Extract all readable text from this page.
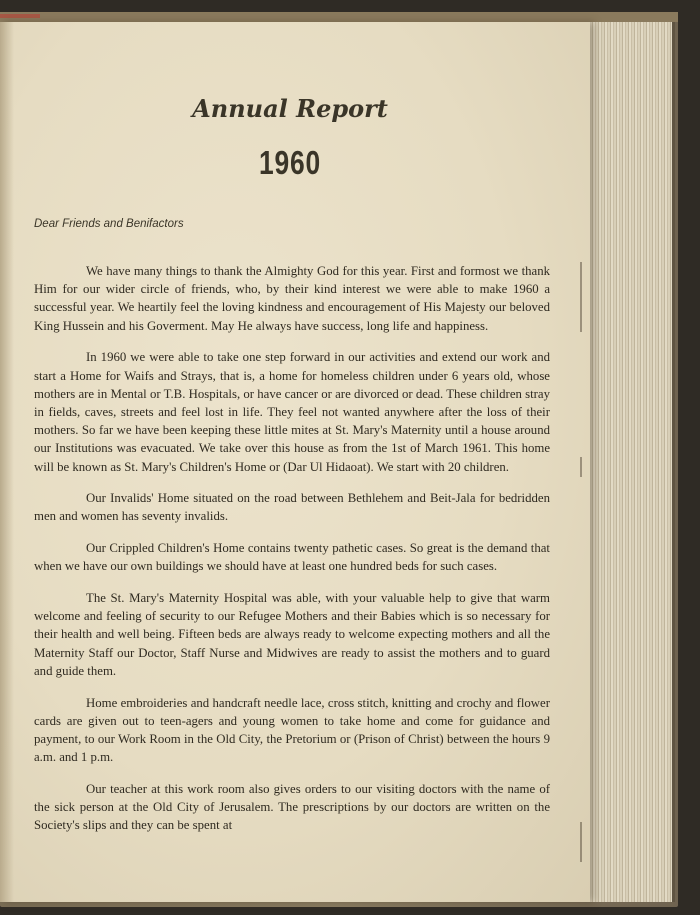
Annual Report
1960

Dear Friends and Benifactors

We have many things to thank the Almighty God for this year. First and formost we thank Him for our wider circle of friends, who, by their kind interest we were able to make 1960 a successful year. We heartily feel the loving kindness and encouragement of His Majesty our beloved King Hussein and his Goverment. May He always have success, long life and happiness.

In 1960 we were able to take one step forward in our activities and extend our work and start a Home for Waifs and Strays, that is, a home for homeless children under 6 years old, whose mothers are in Mental or T.B. Hospitals, or have cancer or are divorced or dead. These children stray in fields, caves, streets and feel lost in life. They feel not wanted anywhere after the loss of their mothers. So far we have been keeping these little mites at St. Mary's Maternity until a house around our Institutions was evacuated. We take over this house as from the 1st of March 1961. This home will be known as St. Mary's Children's Home or (Dar Ul Hidaoat). We start with 20 children.

Our Invalids' Home situated on the road between Bethlehem and Beit-Jala for bedridden men and women has seventy invalids.

Our Crippled Children's Home contains twenty pathetic cases. So great is the demand that when we have our own buildings we should have at least one hundred beds for such cases.

The St. Mary's Maternity Hospital was able, with your valuable help to give that warm welcome and feeling of security to our Refugee Mothers and their Babies which is so necessary for their health and well being. Fifteen beds are always ready to welcome expecting mothers and all the Maternity Staff our Doctor, Staff Nurse and Midwives are ready to assist the mothers and to guard and guide them.

Home embroideries and handcraft needle lace, cross stitch, knitting and crochy and flower cards are given out to teen-agers and young women to take home and come for guidance and payment, to our Work Room in the Old City, the Pretorium or (Prison of Christ) between the hours 9 a.m. and 1 p.m.

Our teacher at this work room also gives orders to our visiting doctors with the name of the sick person at the Old City of Jerusalem. The prescriptions by our doctors are written on the Society's slips and they can be spent at
